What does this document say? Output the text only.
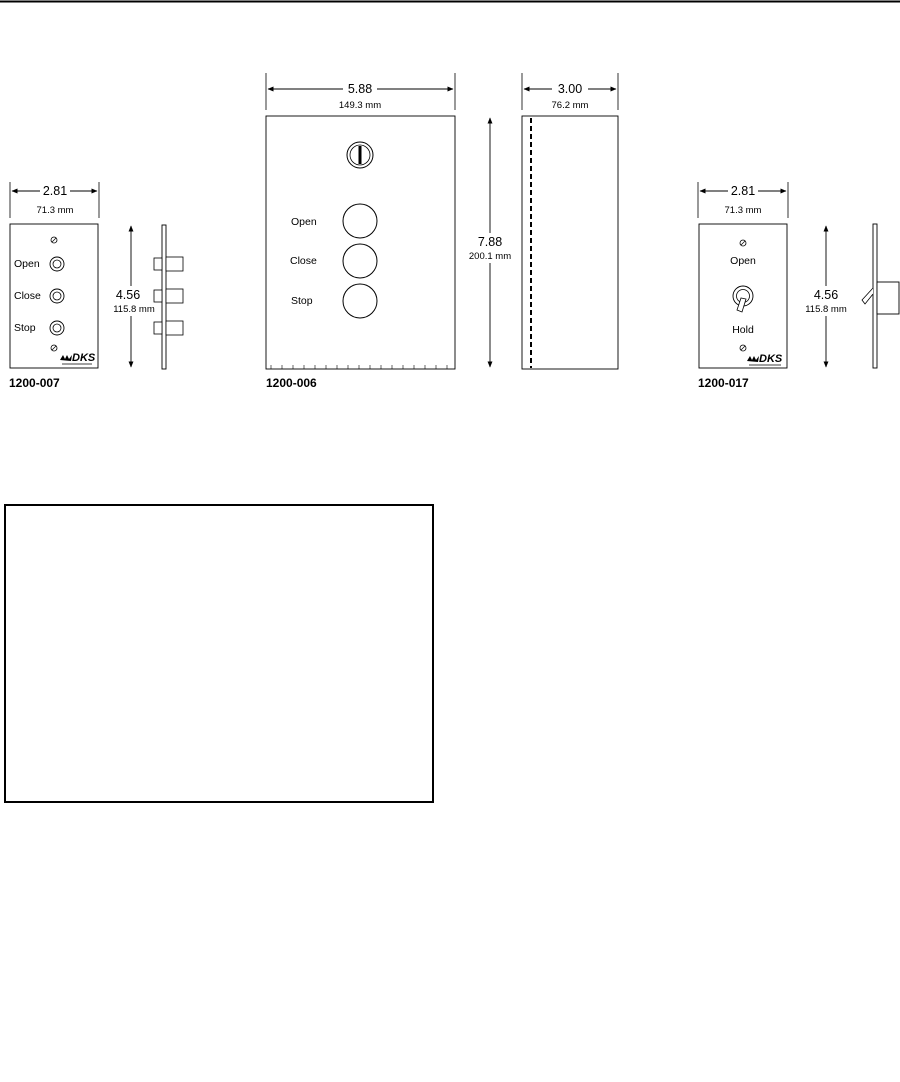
2.81
71.3 mm
Open
Close
Stop
DKS
4.56
115.8 mm
1200-007
5.88
149.3 mm
Open
Close
Stop
7.88
200.1 mm
1200-006
3.00
76.2 mm
2.81
71.3 mm
Open
Hold
DKS
4.56
115.8 mm
1200-017
